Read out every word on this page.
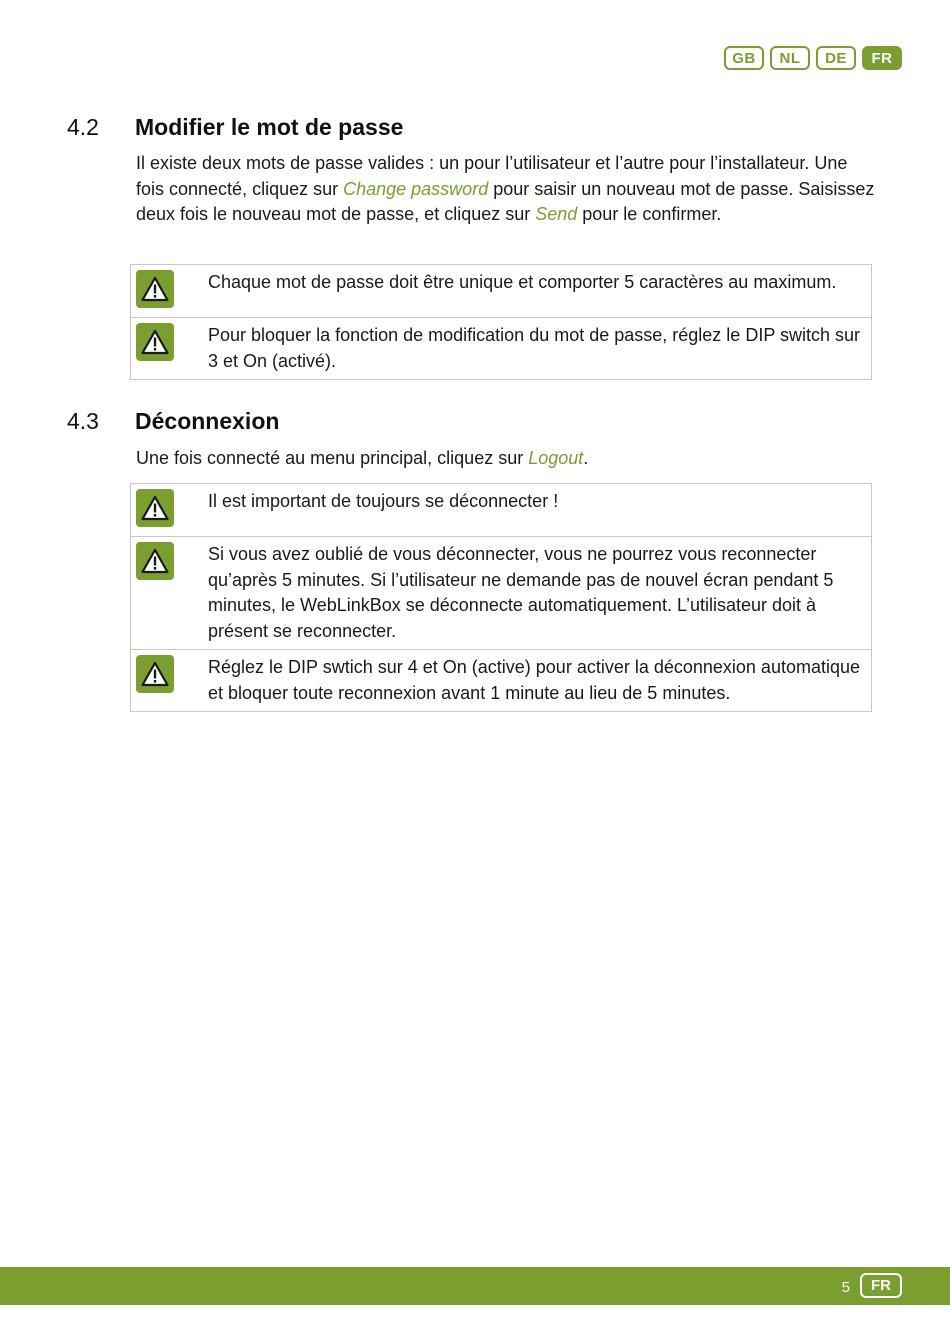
GB	NL	DE	FR
4.2 Modifier le mot de passe
Il existe deux mots de passe valides : un pour l’utilisateur et l’autre pour l’installateur. Une fois connecté, cliquez sur Change password pour saisir un nouveau mot de passe. Saisissez deux fois le nouveau mot de passe, et cliquez sur Send pour le confirmer.
Chaque mot de passe doit être unique et comporter 5 caractères au maximum.
Pour bloquer la fonction de modification du mot de passe, réglez le DIP switch sur 3 et On (activé).
4.3 Déconnexion
Une fois connecté au menu principal, cliquez sur Logout.
Il est important de toujours se déconnecter !
Si vous avez oublié de vous déconnecter, vous ne pourrez vous reconnecter qu’après 5 minutes. Si l’utilisateur ne demande pas de nouvel écran pendant 5 minutes, le WebLinkBox se déconnecte automatiquement. L’utilisateur doit à présent se reconnecter.
Réglez le DIP swtich sur 4 et On (active) pour activer la déconnexion automatique et bloquer toute reconnexion avant 1 minute au lieu de 5 minutes.
5	FR
